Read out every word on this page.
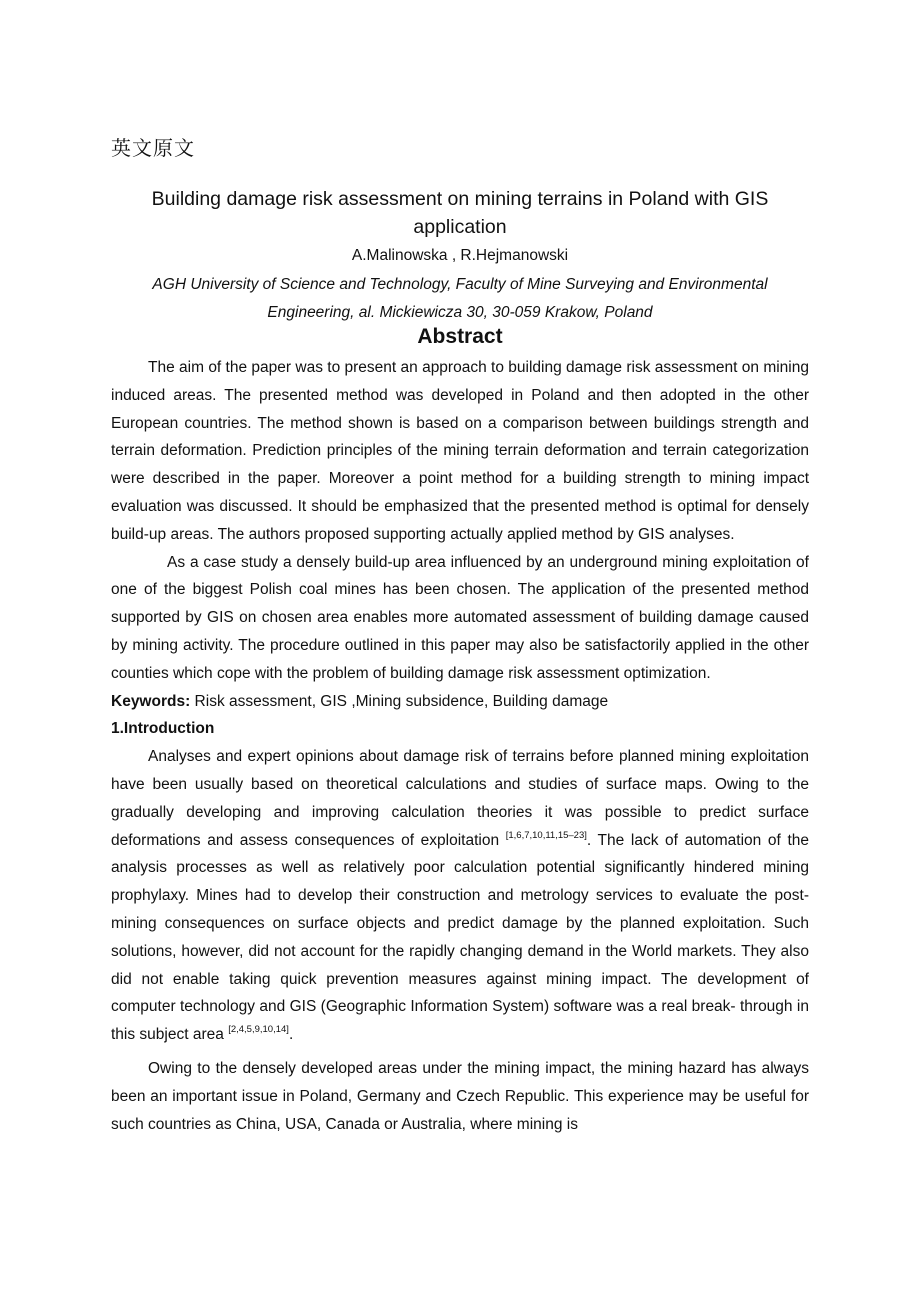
英文原文
Building damage risk assessment on mining terrains in Poland with GIS application
A.Malinowska , R.Hejmanowski
AGH University of Science and Technology, Faculty of Mine Surveying and Environmental Engineering, al. Mickiewicza 30, 30-059 Krakow, Poland
Abstract

The aim of the paper was to present an approach to building damage risk assessment on mining induced areas. The presented method was developed in Poland and then adopted in the other European countries. The method shown is based on a comparison between buildings strength and terrain deformation. Prediction principles of the mining terrain deformation and terrain categorization were described in the paper. Moreover a point method for a building strength to mining impact evaluation was discussed. It should be emphasized that the presented method is optimal for densely build-up areas. The authors proposed supporting actually applied method by GIS analyses.

As a case study a densely build-up area influenced by an underground mining exploitation of one of the biggest Polish coal mines has been chosen. The application of the presented method supported by GIS on chosen area enables more automated assessment of building damage caused by mining activity. The procedure outlined in this paper may also be satisfactorily applied in the other counties which cope with the problem of building damage risk assessment optimization.

Keywords: Risk assessment, GIS ,Mining subsidence, Building damage

1.Introduction

Analyses and expert opinions about damage risk of terrains before planned mining exploitation have been usually based on theoretical calculations and studies of surface maps. Owing to the gradually developing and improving calculation theories it was possible to predict surface deformations and assess consequences of exploitation [1,6,7,10,11,15–23]. The lack of automation of the analysis processes as well as relatively poor calculation potential significantly hindered mining prophylaxy. Mines had to develop their construction and metrology services to evaluate the post- mining consequences on surface objects and predict damage by the planned exploitation. Such solutions, however, did not account for the rapidly changing demand in the World markets. They also did not enable taking quick prevention measures against mining impact. The development of computer technology and GIS (Geographic Information System) software was a real break- through in this subject area [2,4,5,9,10,14].

Owing to the densely developed areas under the mining impact, the mining hazard has always been an important issue in Poland, Germany and Czech Republic. This experience may be useful for such countries as China, USA, Canada or Australia, where mining is
